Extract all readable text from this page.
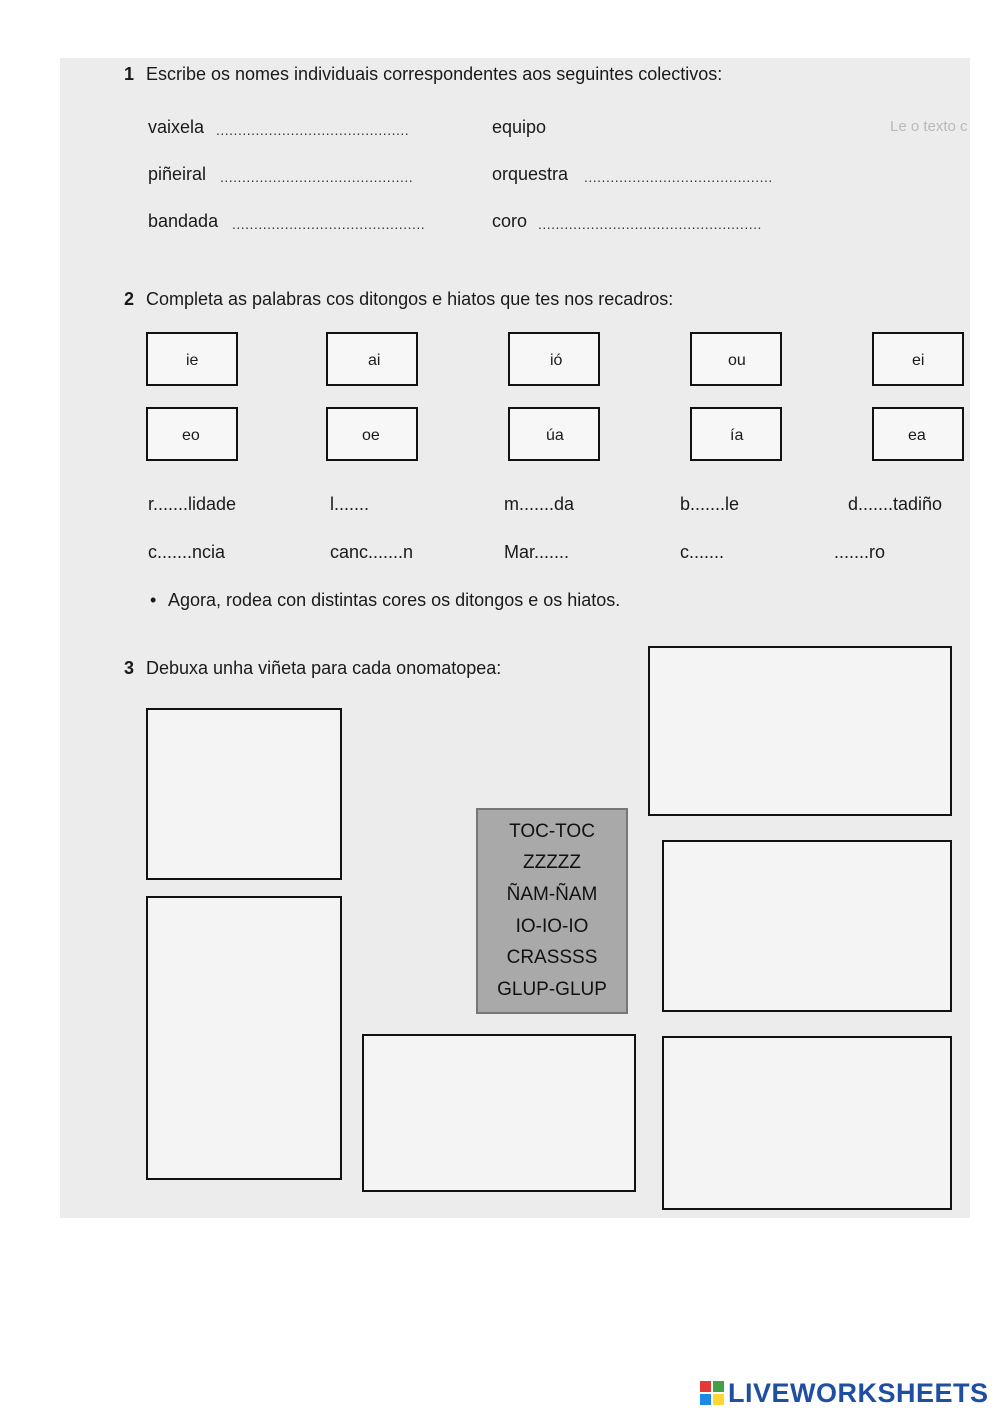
Le o texto c
1 Escribe os nomes individuais correspondentes aos seguintes colectivos:
vaixela ............................................	equipo
piñeiral ............................................	orquestra ...........................................
bandada ............................................	coro ...................................................
2 Completa as palabras cos ditongos e hiatos que tes nos recadros:
ie	ai	ió	ou	ei
eo	oe	úa	ía	ea
r.......lidade	l.......	m.......da	b.......le	d.......tadiño
c.......ncia	canc.......n	Mar.......	c.......	.......ro
• Agora, rodea con distintas cores os ditongos e os hiatos.
3 Debuxa unha viñeta para cada onomatopea:
TOC-TOC
ZZZZZ
ÑAM-ÑAM
IO-IO-IO
CRASSSS
GLUP-GLUP
LIVEWORKSHEETS
